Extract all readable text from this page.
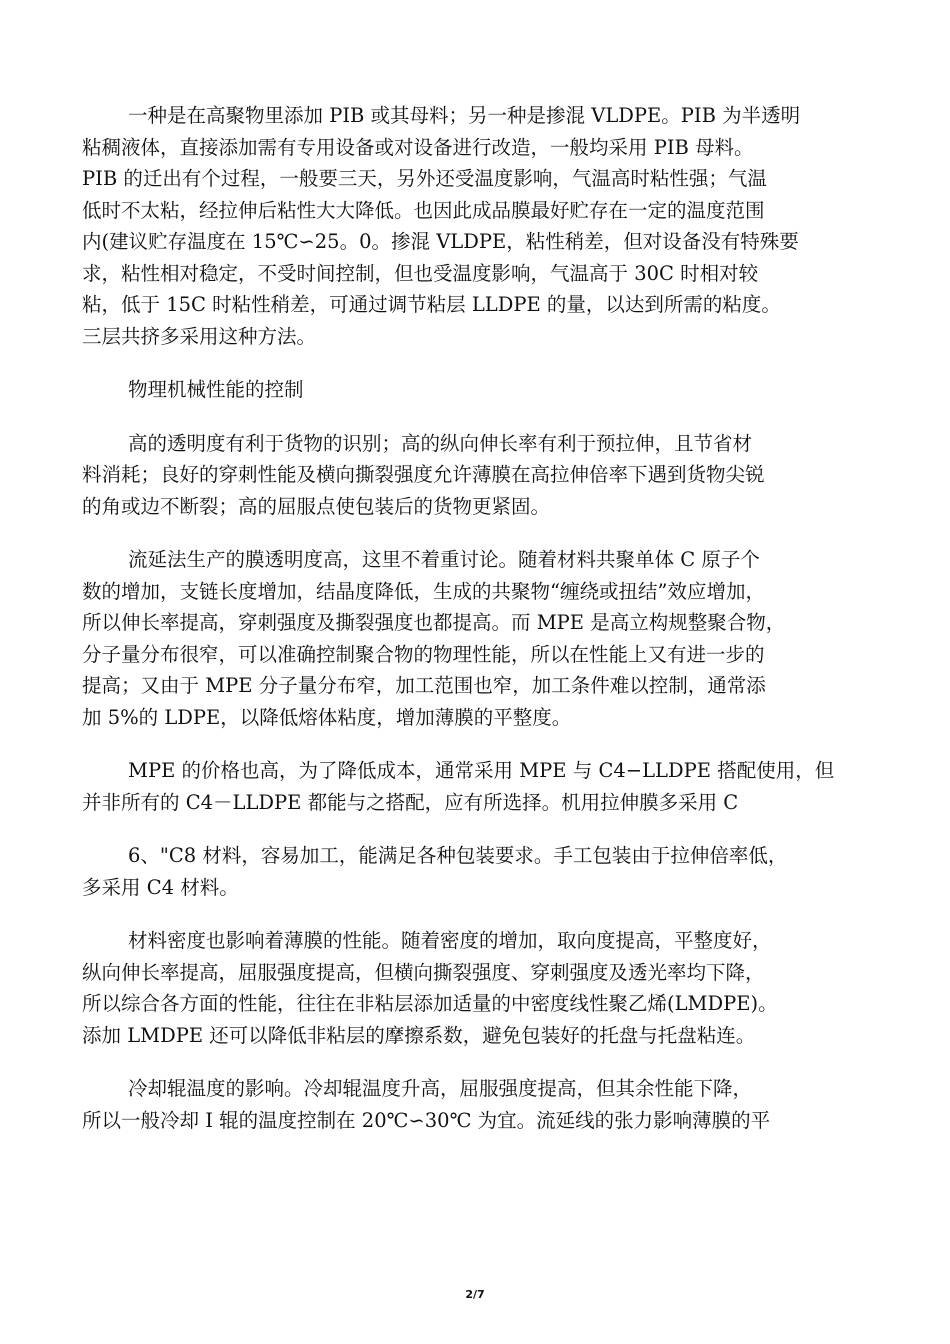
一种是在高聚物里添加 PIB 或其母料；另一种是掺混 VLDPE。PIB 为半透明
粘稠液体，直接添加需有专用设备或对设备进行改造，一般均采用 PIB 母料。
PIB 的迁出有个过程，一般要三天，另外还受温度影响，气温高时粘性强；气温
低时不太粘，经拉伸后粘性大大降低。也因此成品膜最好贮存在一定的温度范围
内(建议贮存温度在 15℃∽25。0。掺混 VLDPE，粘性稍差，但对设备没有特殊要
求，粘性相对稳定，不受时间控制，但也受温度影响，气温高于 30C 时相对较
粘，低于 15C 时粘性稍差，可通过调节粘层 LLDPE 的量，以达到所需的粘度。
三层共挤多采用这种方法。

物理机械性能的控制

高的透明度有利于货物的识别；高的纵向伸长率有利于预拉伸，且节省材
料消耗；良好的穿刺性能及横向撕裂强度允许薄膜在高拉伸倍率下遇到货物尖锐
的角或边不断裂；高的屈服点使包装后的货物更紧固。

流延法生产的膜透明度高，这里不着重讨论。随着材料共聚单体 C 原子个
数的增加，支链长度增加，结晶度降低，生成的共聚物“缠绕或扭结”效应增加，
所以伸长率提高，穿刺强度及撕裂强度也都提高。而 MPE 是高立构规整聚合物，
分子量分布很窄，可以准确控制聚合物的物理性能，所以在性能上又有进一步的
提高；又由于 MPE 分子量分布窄，加工范围也窄，加工条件难以控制，通常添
加 5%的 LDPE，以降低熔体粘度，增加薄膜的平整度。

MPE 的价格也高，为了降低成本，通常采用 MPE 与 C4−LLDPE 搭配使用，但
并非所有的 C4－LLDPE 都能与之搭配，应有所选择。机用拉伸膜多采用 C

6、"C8 材料，容易加工，能满足各种包装要求。手工包装由于拉伸倍率低，
多采用 C4 材料。

材料密度也影响着薄膜的性能。随着密度的增加，取向度提高，平整度好，
纵向伸长率提高，屈服强度提高，但横向撕裂强度、穿刺强度及透光率均下降，
所以综合各方面的性能，往往在非粘层添加适量的中密度线性聚乙烯(LMDPE)。
添加 LMDPE 还可以降低非粘层的摩擦系数，避免包装好的托盘与托盘粘连。

冷却辊温度的影响。冷却辊温度升高，屈服强度提高，但其余性能下降，
所以一般冷却 I 辊的温度控制在 20℃∽30℃ 为宜。流延线的张力影响薄膜的平

2/7
